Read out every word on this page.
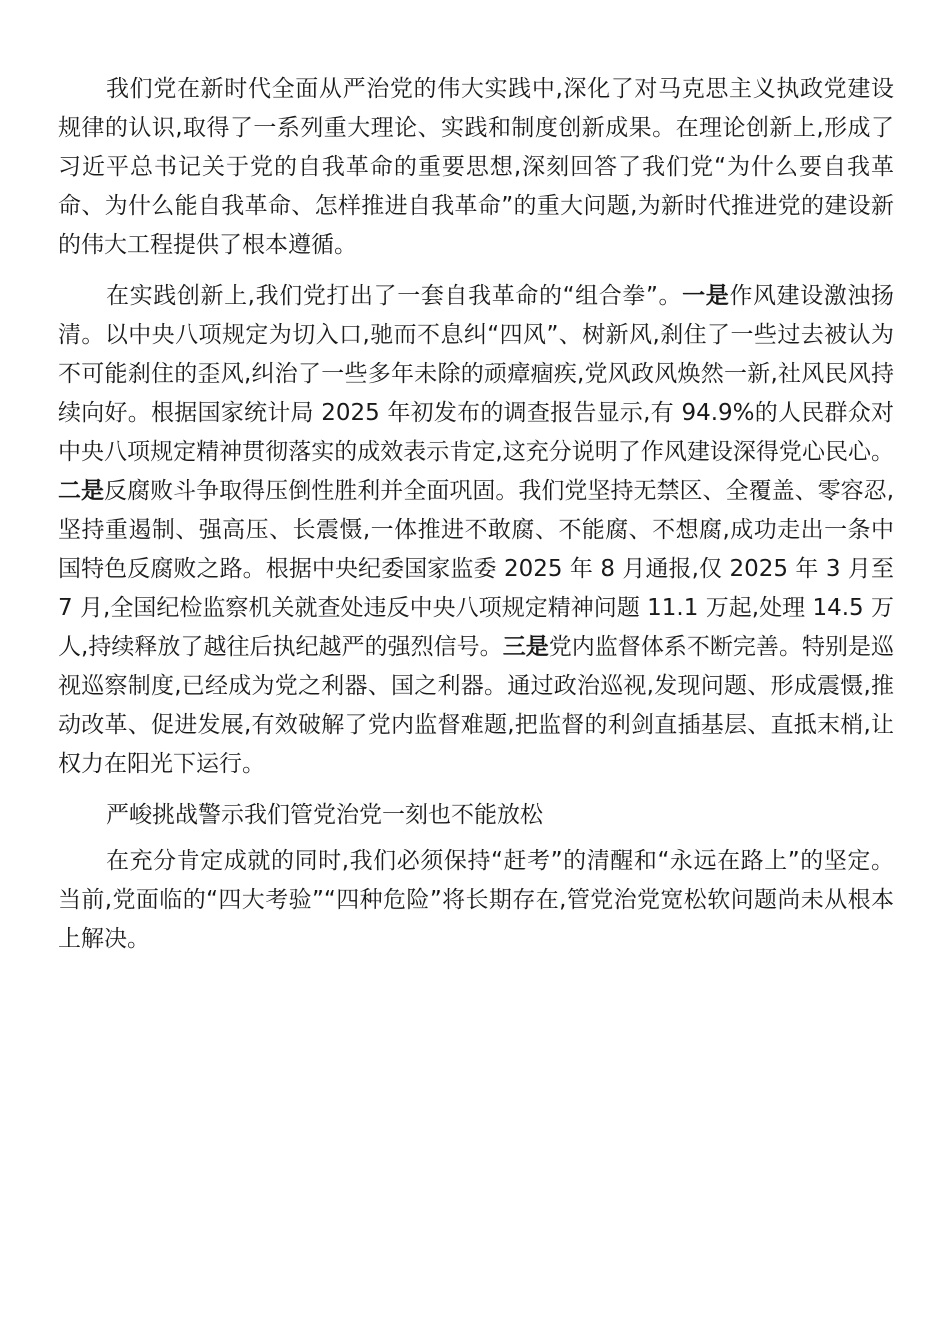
我们党在新时代全面从严治党的伟大实践中,深化了对马克思主义执政党建设规律的认识,取得了一系列重大理论、实践和制度创新成果。在理论创新上,形成了习近平总书记关于党的自我革命的重要思想,深刻回答了我们党“为什么要自我革命、为什么能自我革命、怎样推进自我革命”的重大问题,为新时代推进党的建设新的伟大工程提供了根本遵循。

在实践创新上,我们党打出了一套自我革命的“组合拳”。一是作风建设激浊扬清。以中央八项规定为切入口,驰而不息纠“四风”、树新风,刹住了一些过去被认为不可能刹住的歪风,纠治了一些多年未除的顽瘴痼疾,党风政风焕然一新,社风民风持续向好。根据国家统计局 2025 年初发布的调查报告显示,有 94.9%的人民群众对中央八项规定精神贯彻落实的成效表示肯定,这充分说明了作风建设深得党心民心。二是反腐败斗争取得压倒性胜利并全面巩固。我们党坚持无禁区、全覆盖、零容忍,坚持重遏制、强高压、长震慑,一体推进不敢腐、不能腐、不想腐,成功走出一条中国特色反腐败之路。根据中央纪委国家监委 2025 年 8 月通报,仅 2025 年 3 月至 7 月,全国纪检监察机关就查处违反中央八项规定精神问题 11.1 万起,处理 14.5 万人,持续释放了越往后执纪越严的强烈信号。三是党内监督体系不断完善。特别是巡视巡察制度,已经成为党之利器、国之利器。通过政治巡视,发现问题、形成震慑,推动改革、促进发展,有效破解了党内监督难题,把监督的利剑直插基层、直抵末梢,让权力在阳光下运行。

严峻挑战警示我们管党治党一刻也不能放松

在充分肯定成就的同时,我们必须保持“赶考”的清醒和“永远在路上”的坚定。当前,党面临的“四大考验”“四种危险”将长期存在,管党治党宽松软问题尚未从根本上解决。
